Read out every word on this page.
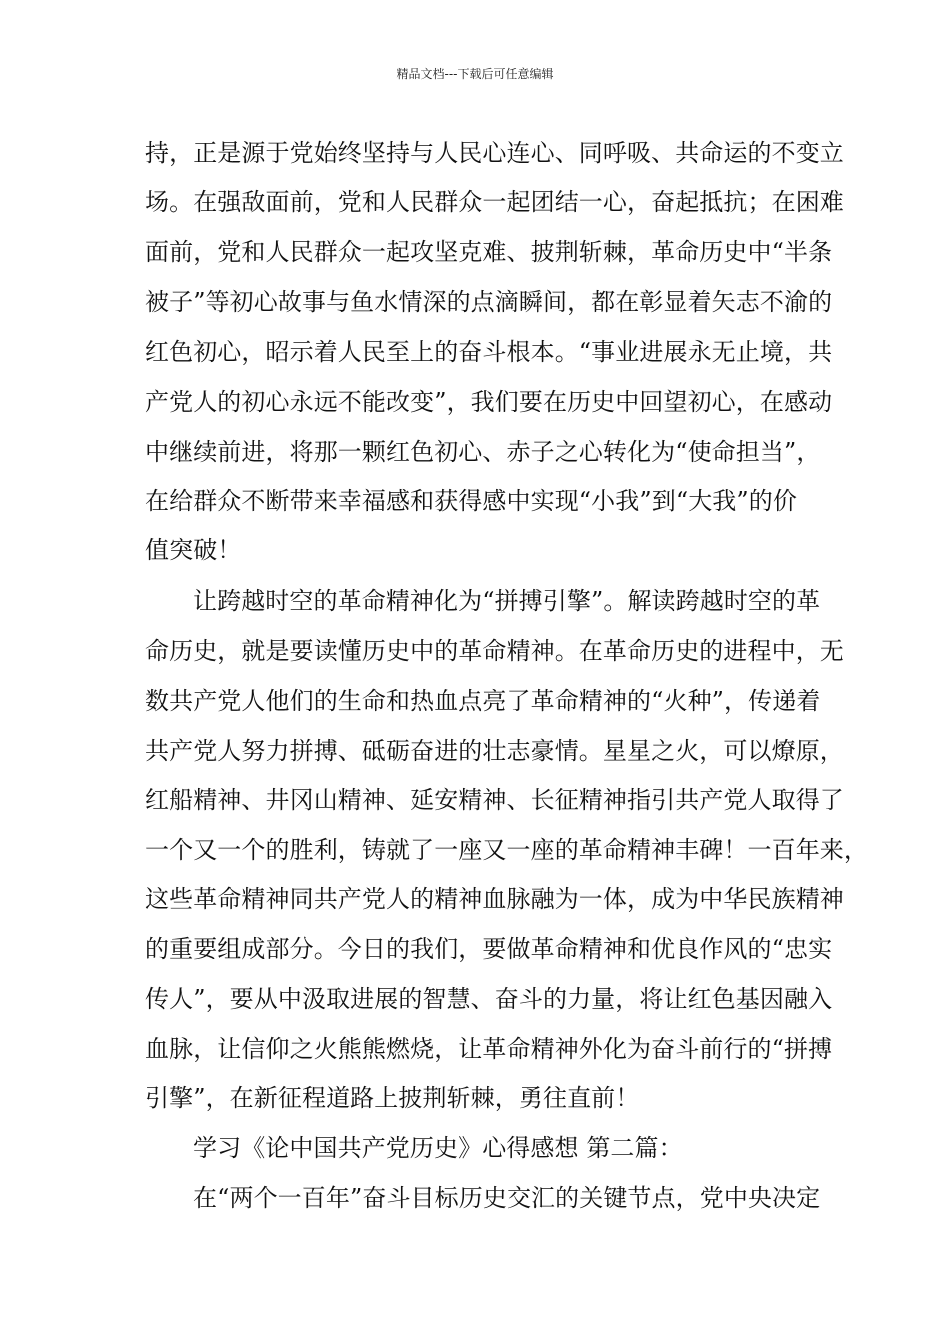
精品文档---下载后可任意编辑
持，正是源于党始终坚持与人民心连心、同呼吸、共命运的不变立
场。在强敌面前，党和人民群众一起团结一心，奋起抵抗；在困难
面前，党和人民群众一起攻坚克难、披荆斩棘，革命历史中“半条
被子”等初心故事与鱼水情深的点滴瞬间，都在彰显着矢志不渝的
红色初心，昭示着人民至上的奋斗根本。“事业进展永无止境，共
产党人的初心永远不能改变”，我们要在历史中回望初心，在感动
中继续前进，将那一颗红色初心、赤子之心转化为“使命担当”，
在给群众不断带来幸福感和获得感中实现“小我”到“大我”的价
值突破！
让跨越时空的革命精神化为“拼搏引擎”。解读跨越时空的革
命历史，就是要读懂历史中的革命精神。在革命历史的进程中，无
数共产党人他们的生命和热血点亮了革命精神的“火种”，传递着
共产党人努力拼搏、砥砺奋进的壮志豪情。星星之火，可以燎原，
红船精神、井冈山精神、延安精神、长征精神指引共产党人取得了
一个又一个的胜利，铸就了一座又一座的革命精神丰碑！一百年来，
这些革命精神同共产党人的精神血脉融为一体，成为中华民族精神
的重要组成部分。今日的我们，要做革命精神和优良作风的“忠实
传人”，要从中汲取进展的智慧、奋斗的力量，将让红色基因融入
血脉，让信仰之火熊熊燃烧，让革命精神外化为奋斗前行的“拼搏
引擎”，在新征程道路上披荆斩棘，勇往直前！
学习《论中国共产党历史》心得感想 第二篇：
在“两个一百年”奋斗目标历史交汇的关键节点，党中央决定
